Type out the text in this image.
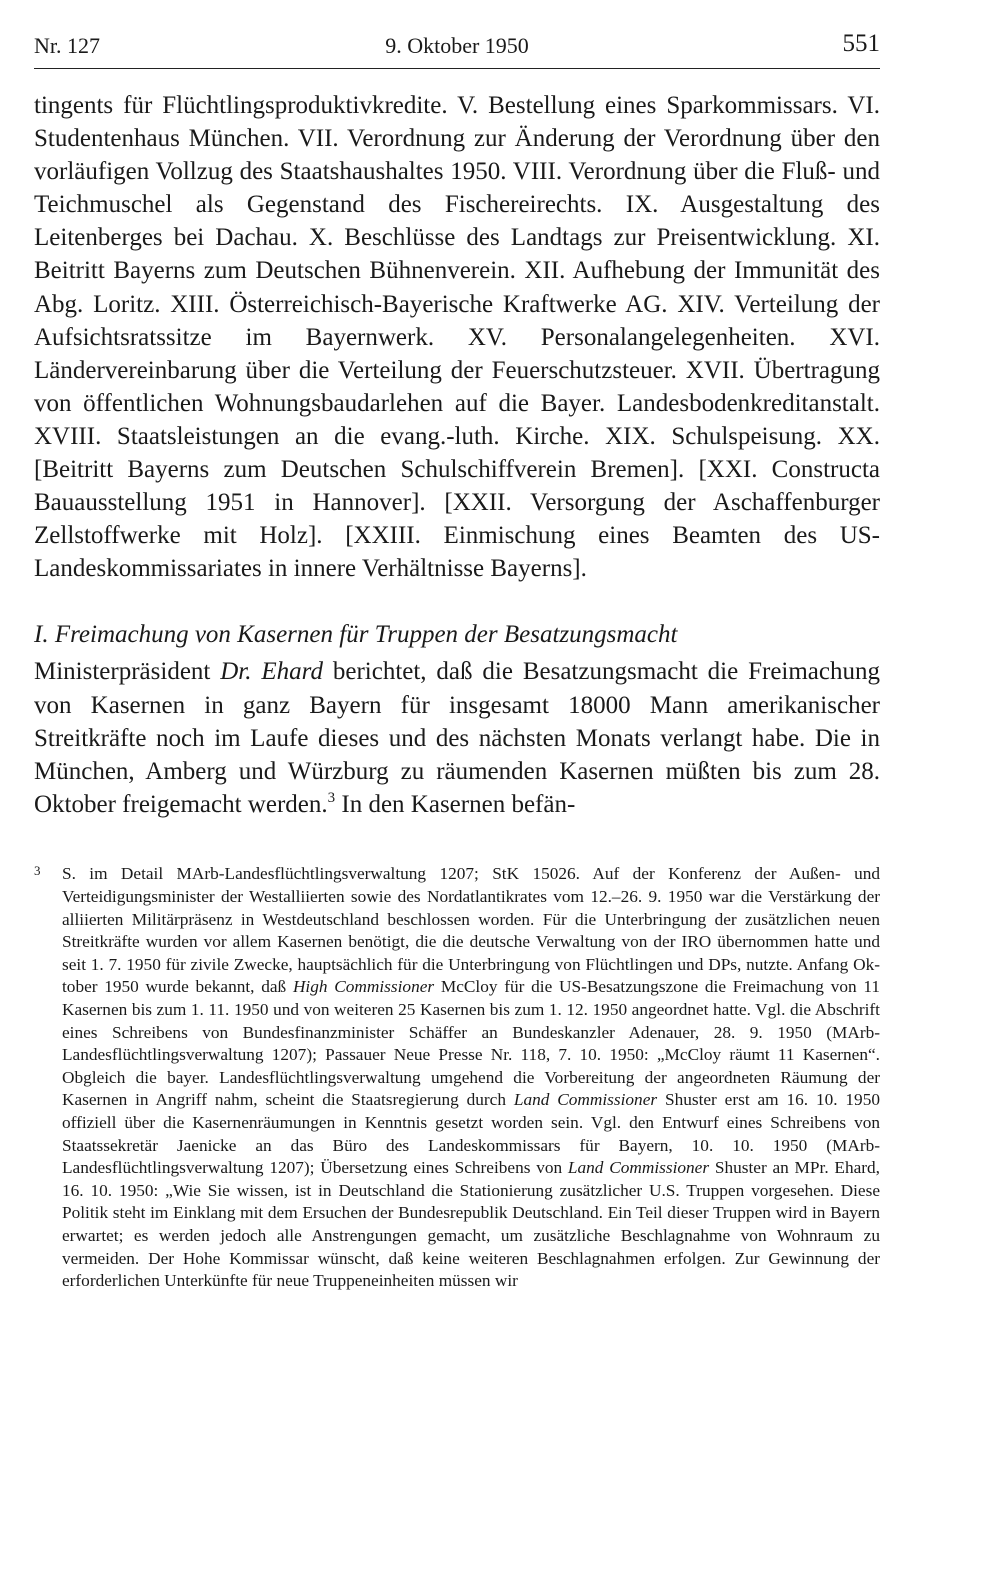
Nr. 127	9. Oktober 1950	551

tingents für Flüchtlingsproduktivkredite. V. Bestellung eines Sparkommissars. VI. Studentenhaus München. VII. Verordnung zur Änderung der Verordnung über den vorläufigen Vollzug des Staatshaushaltes 1950. VIII. Verordnung über die Fluß- und Teichmuschel als Gegenstand des Fischereirechts. IX. Ausgestaltung des Leitenberges bei Dachau. X. Beschlüsse des Landtags zur Preisentwicklung. XI. Beitritt Bayerns zum Deutschen Bühnenverein. XII. Aufhebung der Immunität des Abg. Loritz. XIII. Österreichisch-Bayerische Kraftwerke AG. XIV. Verteilung der Aufsichtsratssitze im Bayernwerk. XV. Personalangelegenheiten. XVI. Ländervereinbarung über die Verteilung der Feuerschutzsteuer. XVII. Übertragung von öffentlichen Wohnungsbaudarlehen auf die Bayer. Landesbodenkreditanstalt. XVIII. Staatsleistungen an die evang.-luth. Kirche. XIX. Schulspeisung. XX. [Beitritt Bayerns zum Deutschen Schulschiffverein Bremen]. [XXI. Constructa Bauausstellung 1951 in Hannover]. [XXII. Versorgung der Aschaffenburger Zellstoffwerke mit Holz]. [XXIII. Einmischung eines Beamten des US-Landeskommissariates in innere Verhältnisse Bayerns].

I. Freimachung von Kasernen für Truppen der Besatzungsmacht

Ministerpräsident Dr. Ehard berichtet, daß die Besatzungsmacht die Freimachung von Kasernen in ganz Bayern für insgesamt 18000 Mann amerikanischer Streitkräfte noch im Laufe dieses und des nächsten Monats verlangt habe. Die in München, Amberg und Würzburg zu räumenden Kasernen müßten bis zum 28. Oktober freigemacht werden.$^3$ In den Kasernen befän-

3 S. im Detail MArb-Landesflüchtlingsverwaltung 1207; StK 15026. Auf der Konferenz der Außen- und Verteidigungsminister der Westalliierten sowie des Nordatlantikrates vom 12.–26. 9. 1950 war die Verstärkung der alliierten Militärpräsenz in Westdeutschland beschlossen worden. Für die Unterbringung der zusätzlichen neuen Streitkräfte wurden vor allem Kasernen benötigt, die die deutsche Verwaltung von der IRO übernommen hatte und seit 1. 7. 1950 für zivile Zwecke, hauptsächlich für die Unterbringung von Flüchtlingen und DPs, nutzte. Anfang Oktober 1950 wurde bekannt, daß High Commissioner McCloy für die US-Besatzungszone die Freimachung von 11 Kasernen bis zum 1. 11. 1950 und von weiteren 25 Kasernen bis zum 1. 12. 1950 angeordnet hatte. Vgl. die Abschrift eines Schreibens von Bundesfinanzminister Schäffer an Bundeskanzler Adenauer, 28. 9. 1950 (MArb-Landesflüchtlingsverwaltung 1207); Passauer Neue Presse Nr. 118, 7. 10. 1950: „McCloy räumt 11 Kasernen“. Obgleich die bayer. Landesflüchtlingsverwaltung umgehend die Vorbereitung der angeordneten Räumung der Kasernen in Angriff nahm, scheint die Staatsregierung durch Land Commissioner Shuster erst am 16. 10. 1950 offiziell über die Kasernenräumungen in Kenntnis gesetzt worden sein. Vgl. den Entwurf eines Schreibens von Staatssekretär Jaenicke an das Büro des Landeskommissars für Bayern, 10. 10. 1950 (MArb-Landesflüchtlingsverwaltung 1207); Übersetzung eines Schreibens von Land Commissioner Shuster an MPr. Ehard, 16. 10. 1950: „Wie Sie wissen, ist in Deutschland die Stationierung zusätzlicher U.S. Truppen vorgesehen. Diese Politik steht im Einklang mit dem Ersuchen der Bundesrepublik Deutschland. Ein Teil dieser Truppen wird in Bayern erwartet; es werden jedoch alle Anstrengungen gemacht, um zusätzliche Beschlagnahme von Wohnraum zu vermeiden. Der Hohe Kommissar wünscht, daß keine weiteren Beschlagnahmen erfolgen. Zur Gewinnung der erforderlichen Unterkünfte für neue Truppeneinheiten müssen wir
